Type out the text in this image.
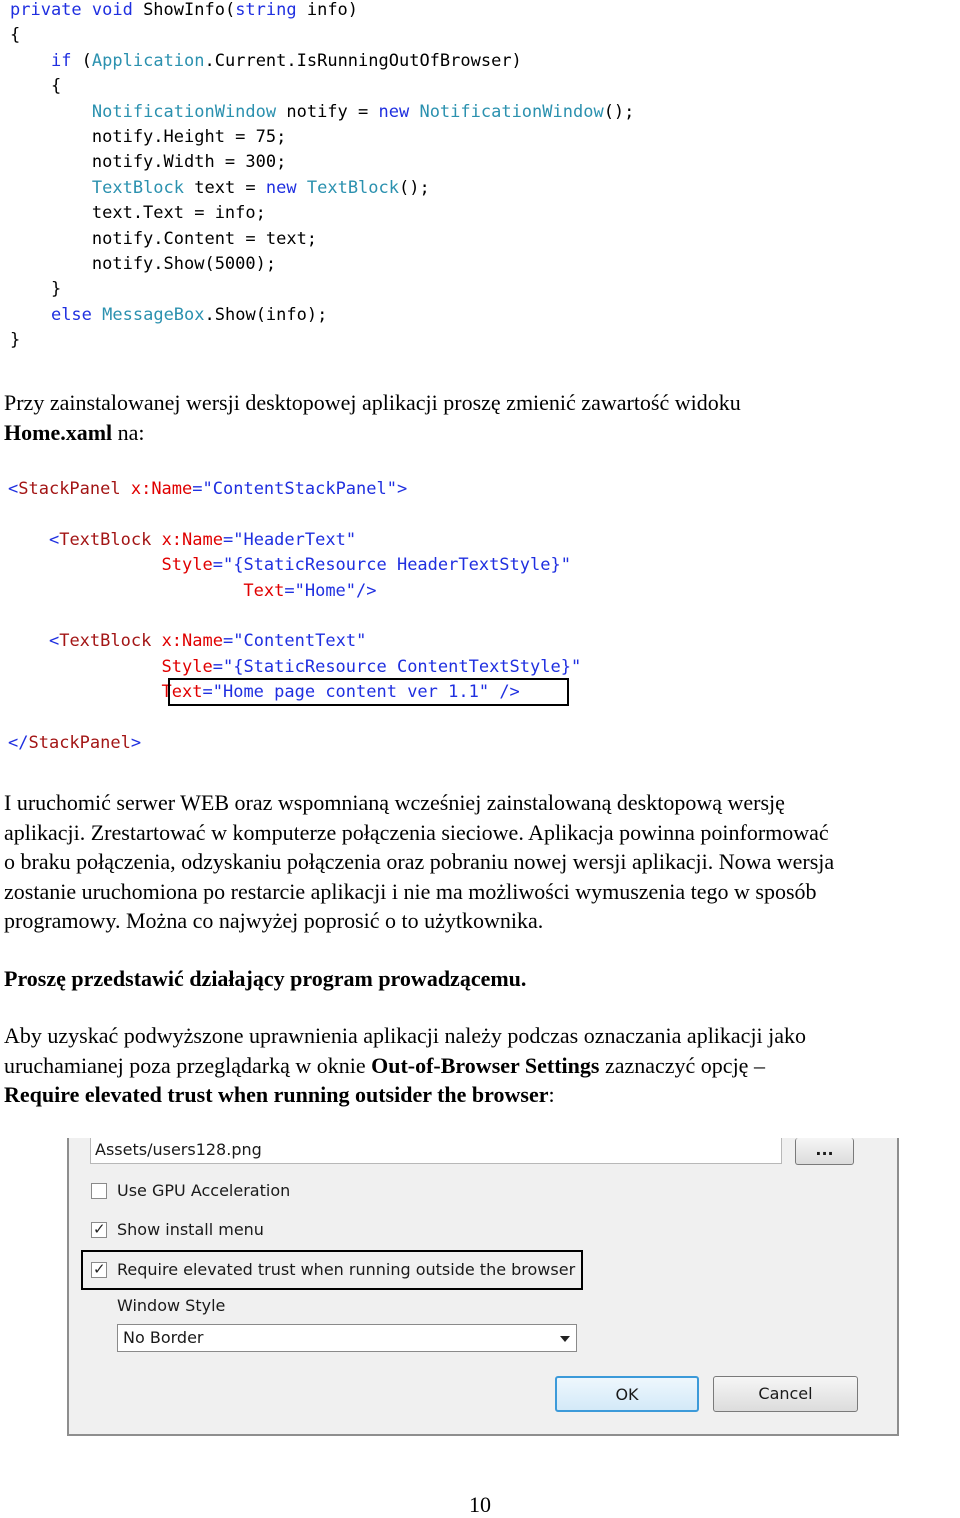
private void ShowInfo(string info)
{
if (Application.Current.IsRunningOutOfBrowser)
{
NotificationWindow notify = new NotificationWindow();
notify.Height = 75;
notify.Width = 300;
TextBlock text = new TextBlock();
text.Text = info;
notify.Content = text;
notify.Show(5000);
}
else MessageBox.Show(info);
}
Przy zainstalowanej wersji desktopowej aplikacji proszę zmienić zawartość widoku
Home.xaml na:
<StackPanel x:Name="ContentStackPanel">

<TextBlock x:Name="HeaderText"
Style="{StaticResource HeaderTextStyle}"
Text="Home"/>

<TextBlock x:Name="ContentText"
Style="{StaticResource ContentTextStyle}"
Text="Home page content ver 1.1" />

</StackPanel>
I uruchomić serwer WEB oraz wspomnianą wcześniej zainstalowaną desktopową wersję
aplikacji. Zrestartować w komputerze połączenia sieciowe. Aplikacja powinna poinformować
o braku połączenia, odzyskaniu połączenia oraz pobraniu nowej wersji aplikacji. Nowa wersja
zostanie uruchomiona po restarcie aplikacji i nie ma możliwości wymuszenia tego w sposób
programowy. Można co najwyżej poprosić o to użytkownika.
Proszę przedstawić działający program prowadzącemu.
Aby uzyskać podwyższone uprawnienia aplikacji należy podczas oznaczania aplikacji jako
uruchamianej poza przeglądarką w oknie Out-of-Browser Settings zaznaczyć opcję –
Require elevated trust when running outsider the browser:
Assets/users128.png	...
Use GPU Acceleration
✓ Show install menu
✓ Require elevated trust when running outside the browser
Window Style
No Border
OK	Cancel
10
